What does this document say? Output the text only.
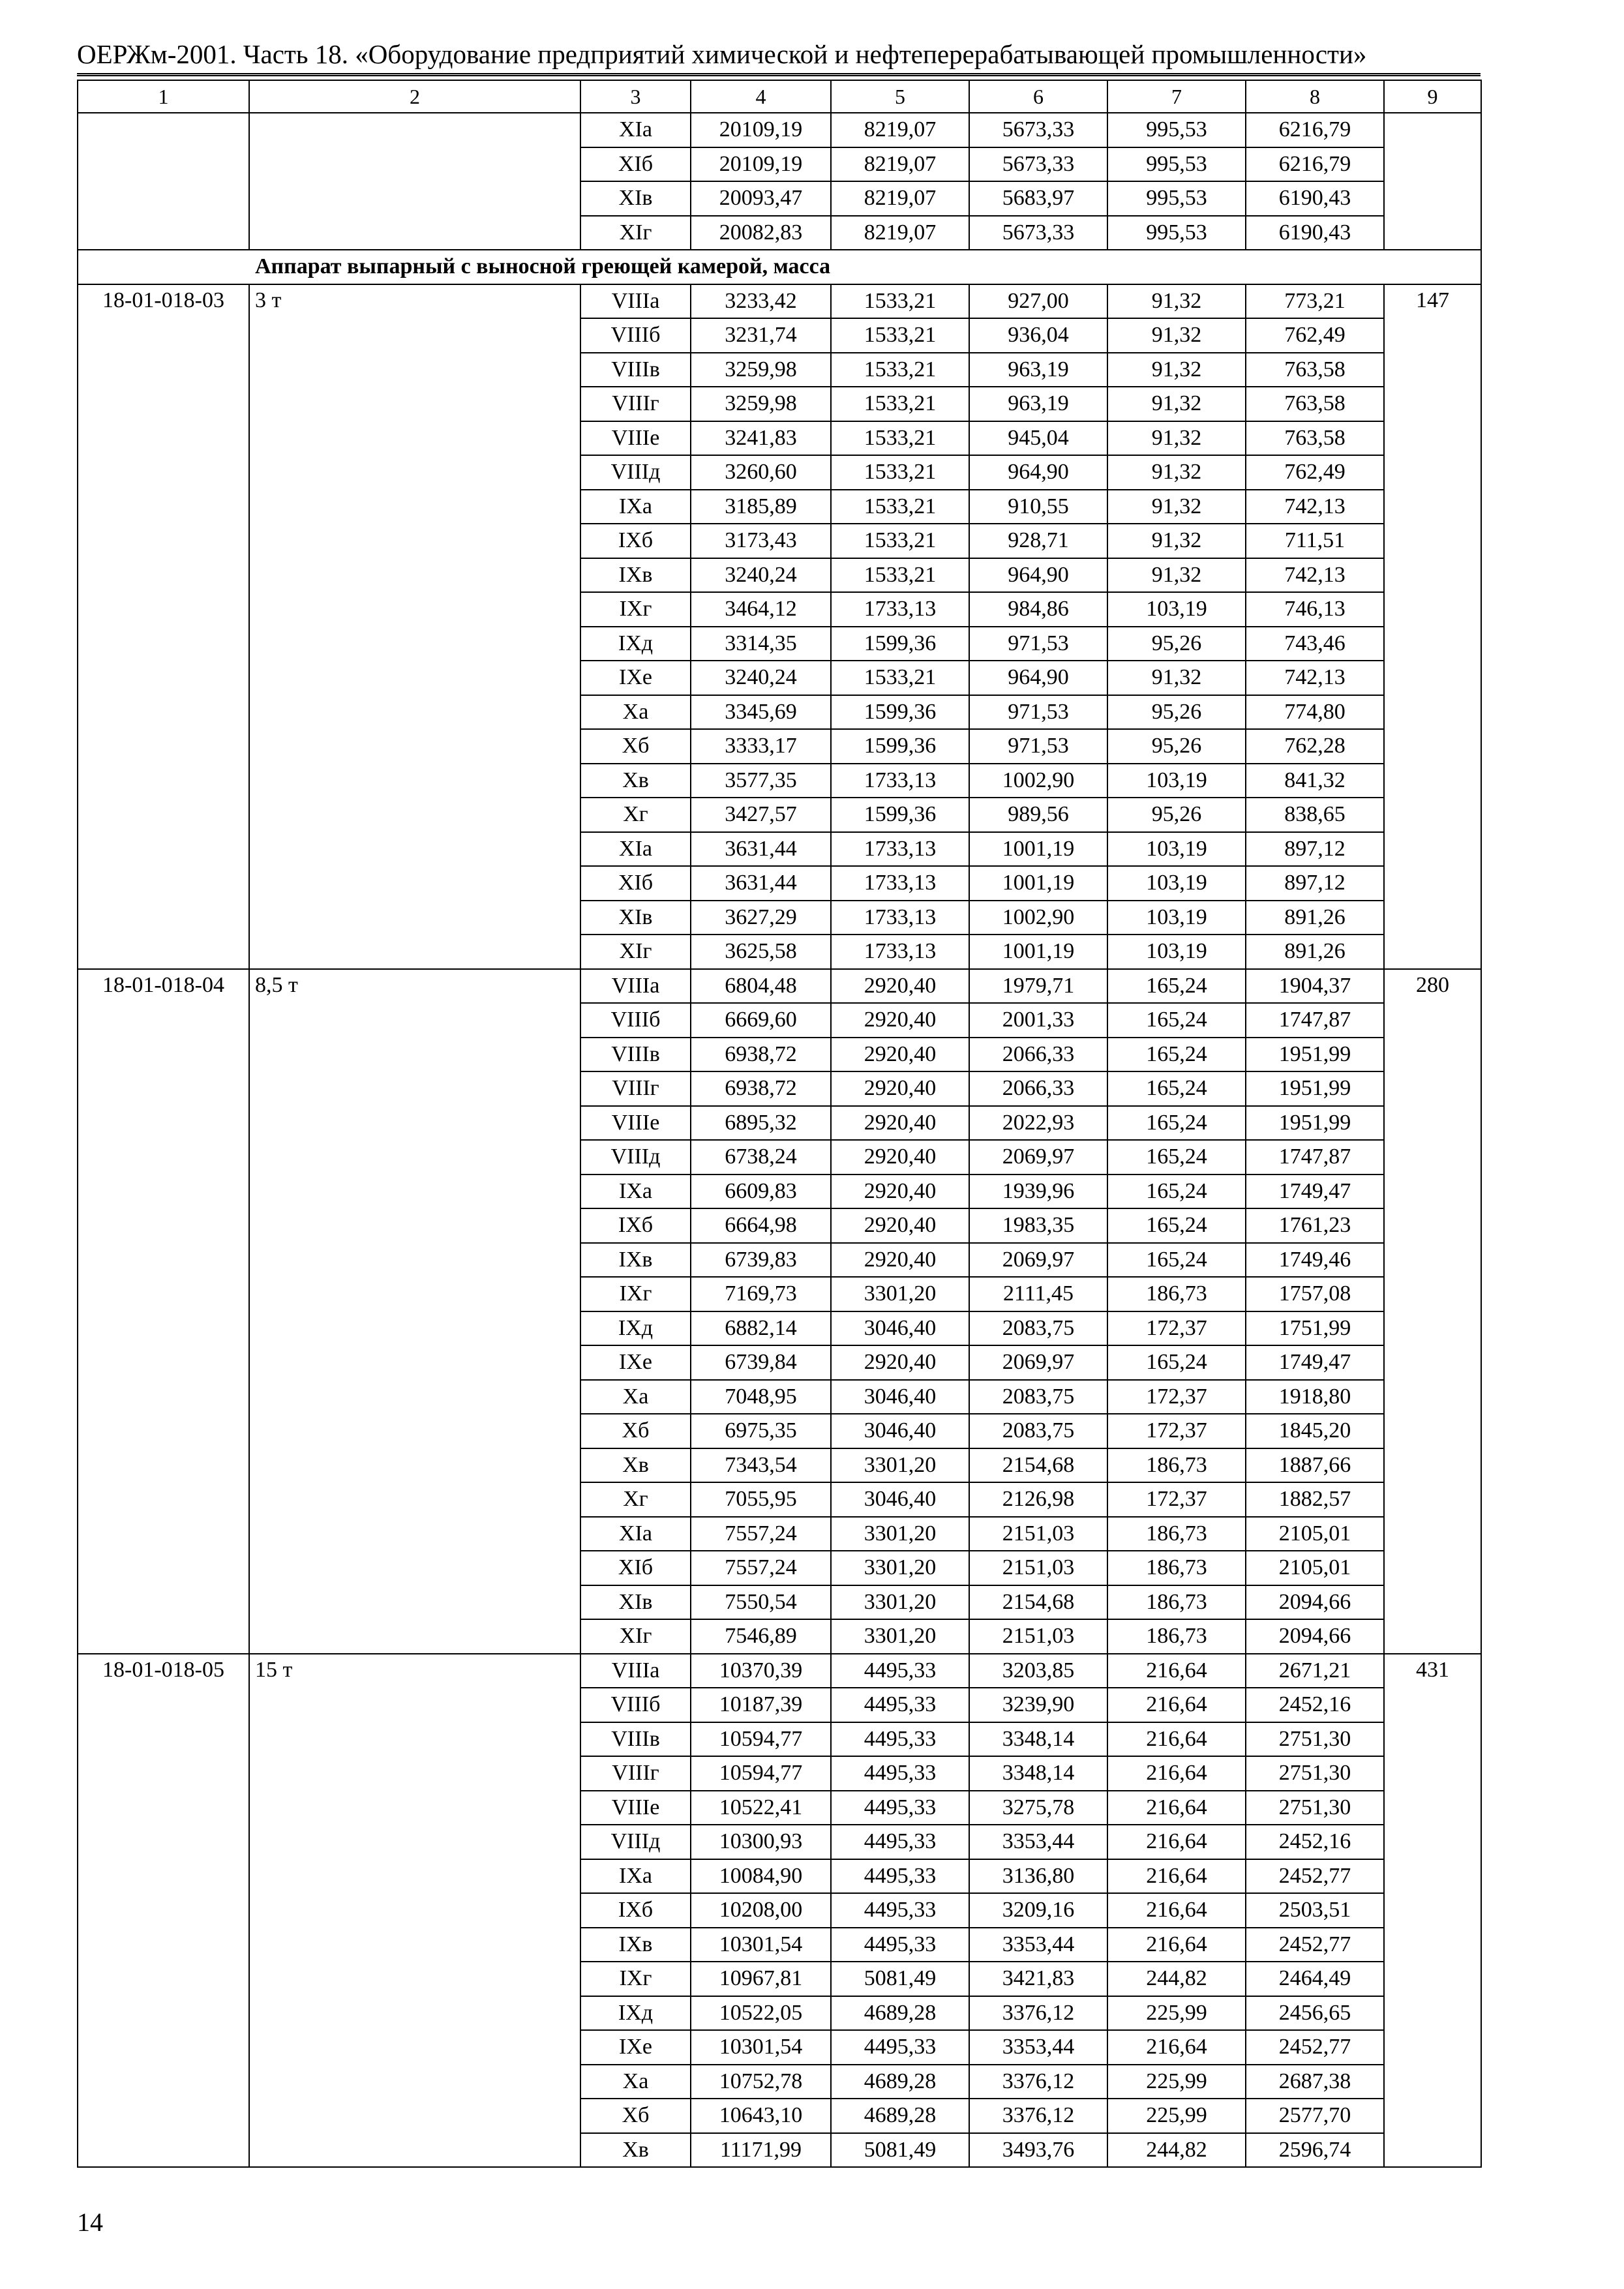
ОЕРЖм-2001. Часть 18. «Оборудование предприятий химической и нефтеперерабатывающей промышленности»
1	2	3	4	5	6	7	8	9
		XIа	20109,19	8219,07	5673,33	995,53	6216,79	
		XIб	20109,19	8219,07	5673,33	995,53	6216,79	
		XIв	20093,47	8219,07	5683,97	995,53	6190,43	
		XIг	20082,83	8219,07	5673,33	995,53	6190,43	
Аппарат выпарный с выносной греющей камерой, масса								
18-01-018-03	3 т	VIIIа	3233,42	1533,21	927,00	91,32	773,21	147
		VIIIб	3231,74	1533,21	936,04	91,32	762,49	
		VIIIв	3259,98	1533,21	963,19	91,32	763,58	
		VIIIг	3259,98	1533,21	963,19	91,32	763,58	
		VIIIе	3241,83	1533,21	945,04	91,32	763,58	
		VIIIд	3260,60	1533,21	964,90	91,32	762,49	
		IXа	3185,89	1533,21	910,55	91,32	742,13	
		IXб	3173,43	1533,21	928,71	91,32	711,51	
		IXв	3240,24	1533,21	964,90	91,32	742,13	
		IXг	3464,12	1733,13	984,86	103,19	746,13	
		IXд	3314,35	1599,36	971,53	95,26	743,46	
		IXе	3240,24	1533,21	964,90	91,32	742,13	
		Xа	3345,69	1599,36	971,53	95,26	774,80	
		Xб	3333,17	1599,36	971,53	95,26	762,28	
		Xв	3577,35	1733,13	1002,90	103,19	841,32	
		Xг	3427,57	1599,36	989,56	95,26	838,65	
		XIа	3631,44	1733,13	1001,19	103,19	897,12	
		XIб	3631,44	1733,13	1001,19	103,19	897,12	
		XIв	3627,29	1733,13	1002,90	103,19	891,26	
		XIг	3625,58	1733,13	1001,19	103,19	891,26	
18-01-018-04	8,5 т	VIIIа	6804,48	2920,40	1979,71	165,24	1904,37	280
		VIIIб	6669,60	2920,40	2001,33	165,24	1747,87	
		VIIIв	6938,72	2920,40	2066,33	165,24	1951,99	
		VIIIг	6938,72	2920,40	2066,33	165,24	1951,99	
		VIIIе	6895,32	2920,40	2022,93	165,24	1951,99	
		VIIIд	6738,24	2920,40	2069,97	165,24	1747,87	
		IXа	6609,83	2920,40	1939,96	165,24	1749,47	
		IXб	6664,98	2920,40	1983,35	165,24	1761,23	
		IXв	6739,83	2920,40	2069,97	165,24	1749,46	
		IXг	7169,73	3301,20	2111,45	186,73	1757,08	
		IXд	6882,14	3046,40	2083,75	172,37	1751,99	
		IXе	6739,84	2920,40	2069,97	165,24	1749,47	
		Xа	7048,95	3046,40	2083,75	172,37	1918,80	
		Xб	6975,35	3046,40	2083,75	172,37	1845,20	
		Xв	7343,54	3301,20	2154,68	186,73	1887,66	
		Xг	7055,95	3046,40	2126,98	172,37	1882,57	
		XIа	7557,24	3301,20	2151,03	186,73	2105,01	
		XIб	7557,24	3301,20	2151,03	186,73	2105,01	
		XIв	7550,54	3301,20	2154,68	186,73	2094,66	
		XIг	7546,89	3301,20	2151,03	186,73	2094,66	
18-01-018-05	15 т	VIIIа	10370,39	4495,33	3203,85	216,64	2671,21	431
		VIIIб	10187,39	4495,33	3239,90	216,64	2452,16	
		VIIIв	10594,77	4495,33	3348,14	216,64	2751,30	
		VIIIг	10594,77	4495,33	3348,14	216,64	2751,30	
		VIIIе	10522,41	4495,33	3275,78	216,64	2751,30	
		VIIIд	10300,93	4495,33	3353,44	216,64	2452,16	
		IXа	10084,90	4495,33	3136,80	216,64	2452,77	
		IXб	10208,00	4495,33	3209,16	216,64	2503,51	
		IXв	10301,54	4495,33	3353,44	216,64	2452,77	
		IXг	10967,81	5081,49	3421,83	244,82	2464,49	
		IXд	10522,05	4689,28	3376,12	225,99	2456,65	
		IXе	10301,54	4495,33	3353,44	216,64	2452,77	
		Xа	10752,78	4689,28	3376,12	225,99	2687,38	
		Xб	10643,10	4689,28	3376,12	225,99	2577,70	
		Xв	11171,99	5081,49	3493,76	244,82	2596,74	
14
